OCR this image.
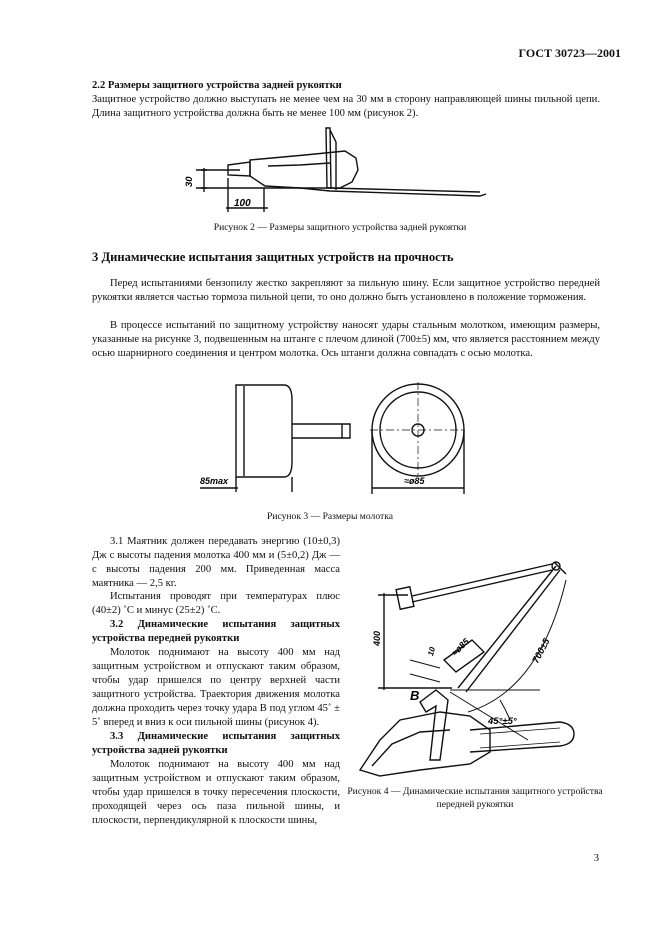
ГОСТ 30723—2001
2.2 Размеры защитного устройства задней рукоятки
Защитное устройство должно выступать не менее чем на 30 мм в сторону направляющей шины пильной цепи. Длина защитного устройства должна быть не менее 100 мм (рисунок 2).
30
100
Рисунок 2 — Размеры защитного устройства задней рукоятки
3 Динамические испытания защитных устройств на прочность
Перед испытаниями бензопилу жестко закрепляют за пильную шину. Если защитное устройство передней рукоятки является частью тормоза пильной цепи, то оно должно быть установлено в положение торможения.
В процессе испытаний по защитному устройству наносят удары стальным молотком, имеющим размеры, указанные на рисунке 3, подвешенным на штанге с плечом длиной (700±5) мм, что является расстоянием между осью шарнирного соединения и центром молотка. Ось штанги должна совпадать с осью молотка.
85max	≈ø85
Рисунок 3 — Размеры молотка
3.1 Маятник должен передавать энергию (10±0,3) Дж с высоты падения молотка 400 мм и (5±0,2) Дж — с высоты падения 200 мм. Приведенная масса маятника — 2,5 кг.
Испытания проводят при температурах плюс (40±2) ˚С и минус (25±2) ˚С.
3.2 Динамические испытания защитных устройства передней рукоятки
Молоток поднимают на высоту 400 мм над защитным устройством и отпускают таким образом, чтобы удар пришелся по центру верхней части защитного устройства. Траектория движения молотка должна проходить через точку удара В под углом 45˚ ± 5˚ вперед и вниз к оси пильной шины (рисунок 4).
3.3 Динамические испытания защитных устройства задней рукоятки
Молоток поднимают на высоту 400 мм над защитным устройством и отпускают таким образом, чтобы удар пришелся в точку пересечения плоскости, проходящей через ось паза пильной шины, и плоскости, перпендикулярной к плоскости шины,
400	≈ø85	700±5
10
B
45°±5°
Рисунок 4 — Динамические испытания защитного устройства передней рукоятки
3
